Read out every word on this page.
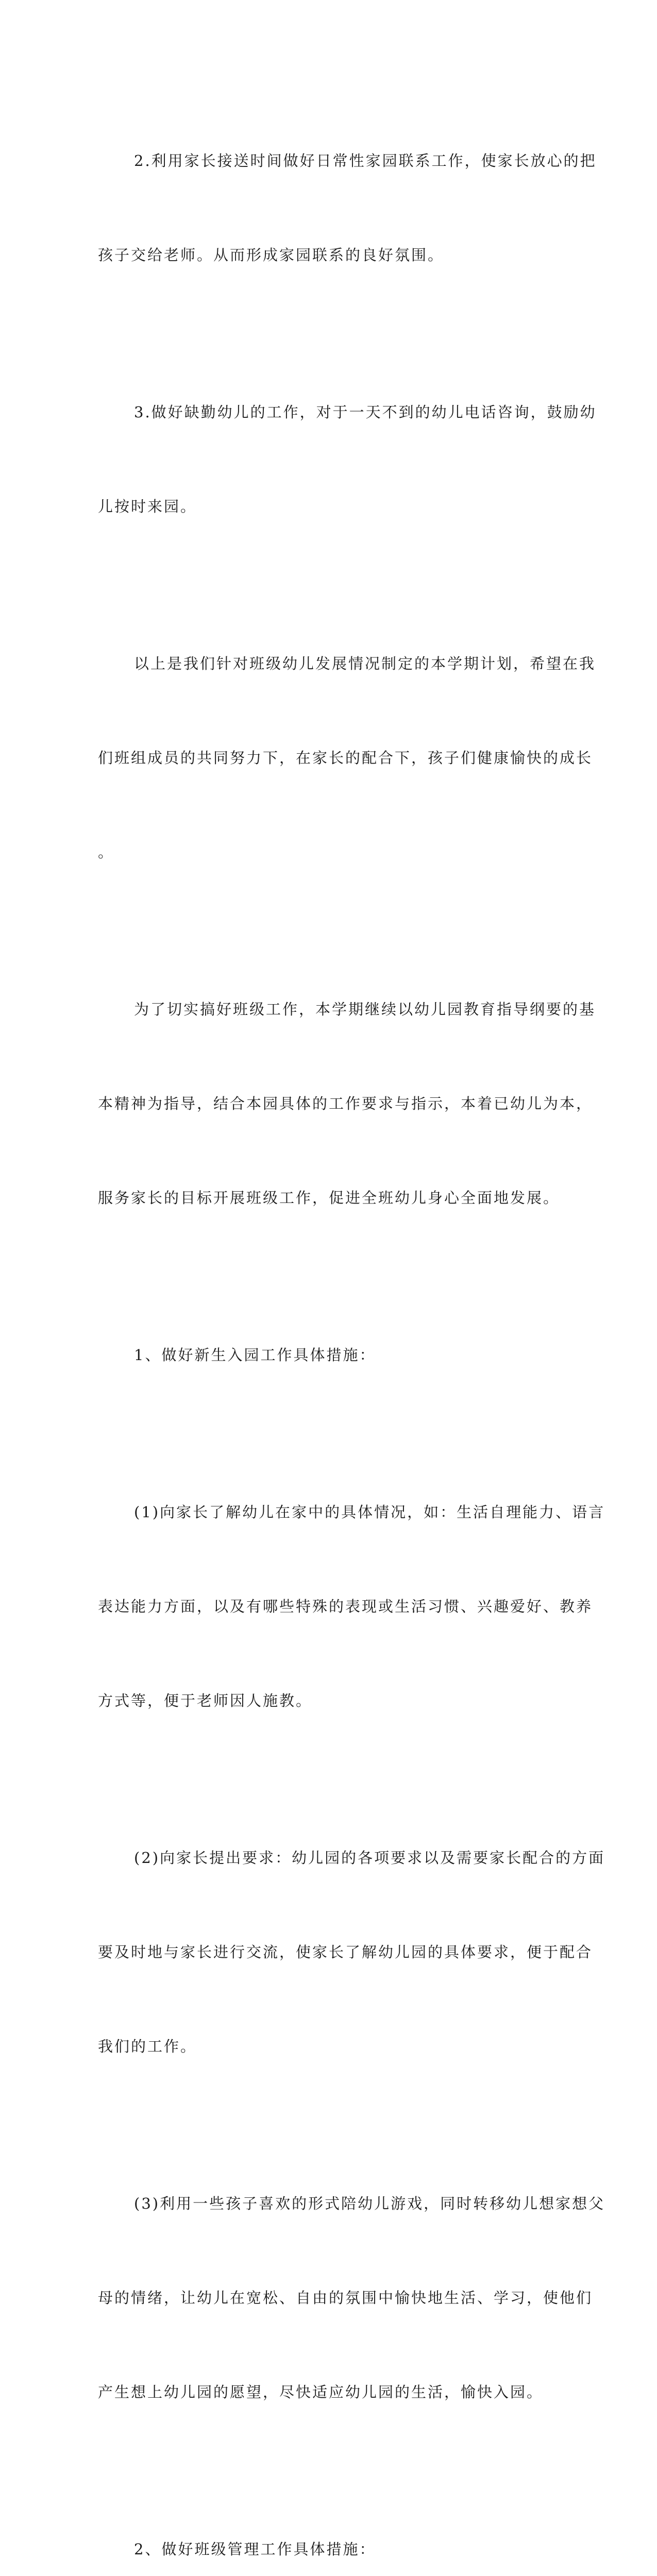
2.利用家长接送时间做好日常性家园联系工作，使家长放心的把

孩子交给老师。从而形成家园联系的良好氛围。

3.做好缺勤幼儿的工作，对于一天不到的幼儿电话咨询，鼓励幼

儿按时来园。

以上是我们针对班级幼儿发展情况制定的本学期计划，希望在我

们班组成员的共同努力下，在家长的配合下，孩子们健康愉快的成长

。

为了切实搞好班级工作，本学期继续以幼儿园教育指导纲要的基

本精神为指导，结合本园具体的工作要求与指示，本着已幼儿为本，

服务家长的目标开展班级工作，促进全班幼儿身心全面地发展。

1、做好新生入园工作具体措施：

(1)向家长了解幼儿在家中的具体情况，如：生活自理能力、语言

表达能力方面，以及有哪些特殊的表现或生活习惯、兴趣爱好、教养

方式等，便于老师因人施教。

(2)向家长提出要求：幼儿园的各项要求以及需要家长配合的方面

要及时地与家长进行交流，使家长了解幼儿园的具体要求，便于配合

我们的工作。

(3)利用一些孩子喜欢的形式陪幼儿游戏，同时转移幼儿想家想父

母的情绪，让幼儿在宽松、自由的氛围中愉快地生活、学习，使他们

产生想上幼儿园的愿望，尽快适应幼儿园的生活，愉快入园。

2、做好班级管理工作具体措施：
